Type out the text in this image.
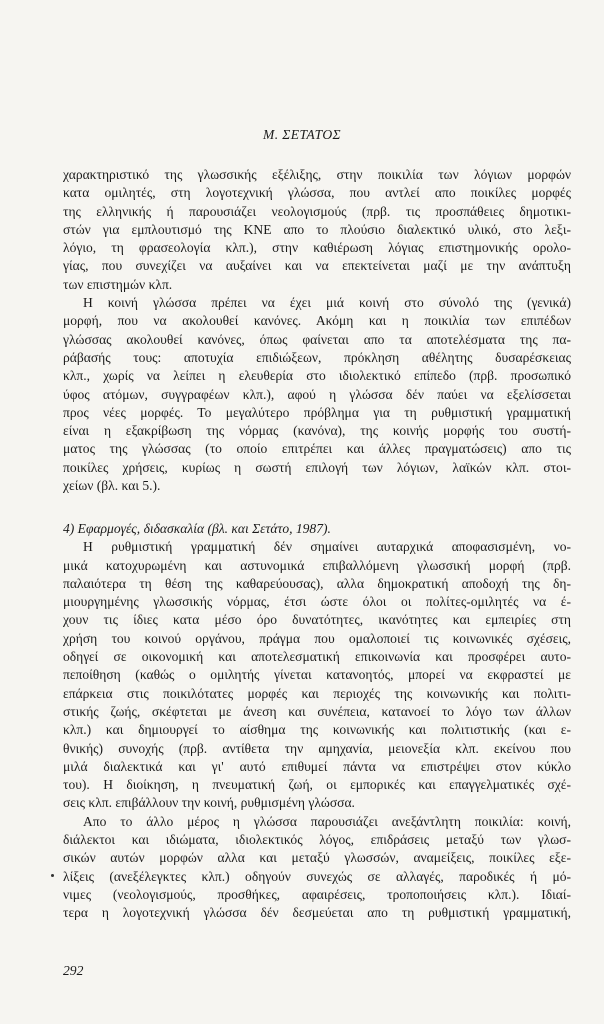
Μ. ΣΕΤΑΤΟΣ
χαρακτηριστικό της γλωσσικής εξέλιξης, στην ποικιλία των λόγιων μορφών
κατα ομιλητές, στη λογοτεχνική γλώσσα, που αντλεί απο ποικίλες μορφές
της ελληνικής ή παρουσιάζει νεολογισμούς (πρβ. τις προσπάθειες δημοτικι-
στών για εμπλουτισμό της ΚΝΕ απο το πλούσιο διαλεκτικό υλικό, στο λεξι-
λόγιο, τη φρασεολογία κλπ.), στην καθιέρωση λόγιας επιστημονικής ορολο-
γίας, που συνεχίζει να αυξαίνει και να επεκτείνεται μαζί με την ανάπτυξη
των επιστημών κλπ.
Η κοινή γλώσσα πρέπει να έχει μιά κοινή στο σύνολό της (γενικά)
μορφή, που να ακολουθεί κανόνες. Ακόμη και η ποικιλία των επιπέδων
γλώσσας ακολουθεί κανόνες, όπως φαίνεται απο τα αποτελέσματα της πα-
ράβασής τους: αποτυχία επιδιώξεων, πρόκληση αθέλητης δυσαρέσκειας
κλπ., χωρίς να λείπει η ελευθερία στο ιδιολεκτικό επίπεδο (πρβ. προσωπικό
ύφος ατόμων, συγγραφέων κλπ.), αφού η γλώσσα δέν παύει να εξελίσσεται
προς νέες μορφές. Το μεγαλύτερο πρόβλημα για τη ρυθμιστική γραμματική
είναι η εξακρίβωση της νόρμας (κανόνα), της κοινής μορφής του συστή-
ματος της γλώσσας (το οποίο επιτρέπει και άλλες πραγματώσεις) απο τις
ποικίλες χρήσεις, κυρίως η σωστή επιλογή των λόγιων, λαϊκών κλπ. στοι-
χείων (βλ. και 5.).
4) Εφαρμογές, διδασκαλία (βλ. και Σετάτο, 1987).
Η ρυθμιστική γραμματική δέν σημαίνει αυταρχικά αποφασισμένη, νο-
μικά κατοχυρωμένη και αστυνομικά επιβαλλόμενη γλωσσική μορφή (πρβ.
παλαιότερα τη θέση της καθαρεύουσας), αλλα δημοκρατική αποδοχή της δη-
μιουργημένης γλωσσικής νόρμας, έτσι ώστε όλοι οι πολίτες-ομιλητές να έ-
χουν τις ίδιες κατα μέσο όρο δυνατότητες, ικανότητες και εμπειρίες στη
χρήση του κοινού οργάνου, πράγμα που ομαλοποιεί τις κοινωνικές σχέσεις,
οδηγεί σε οικονομική και αποτελεσματική επικοινωνία και προσφέρει αυτο-
πεποίθηση (καθώς ο ομιλητής γίνεται κατανοητός, μπορεί να εκφραστεί με
επάρκεια στις ποικιλότατες μορφές και περιοχές της κοινωνικής και πολιτι-
στικής ζωής, σκέφτεται με άνεση και συνέπεια, κατανοεί το λόγο των άλλων
κλπ.) και δημιουργεί το αίσθημα της κοινωνικής και πολιτιστικής (και ε-
θνικής) συνοχής (πρβ. αντίθετα την αμηχανία, μειονεξία κλπ. εκείνου που
μιλά διαλεκτικά και γι' αυτό επιθυμεί πάντα να επιστρέψει στον κύκλο
του). Η διοίκηση, η πνευματική ζωή, οι εμπορικές και επαγγελματικές σχέ-
σεις κλπ. επιβάλλουν την κοινή, ρυθμισμένη γλώσσα.
Απο το άλλο μέρος η γλώσσα παρουσιάζει ανεξάντλητη ποικιλία: κοινή,
διάλεκτοι και ιδιώματα, ιδιολεκτικός λόγος, επιδράσεις μεταξύ των γλωσ-
σικών αυτών μορφών αλλα και μεταξύ γλωσσών, αναμείξεις, ποικίλες εξε-
λίξεις (ανεξέλεγκτες κλπ.) οδηγούν συνεχώς σε αλλαγές, παροδικές ή μό-
νιμες (νεολογισμούς, προσθήκες, αφαιρέσεις, τροποποιήσεις κλπ.). Ιδιαί-
τερα η λογοτεχνική γλώσσα δέν δεσμεύεται απο τη ρυθμιστική γραμματική,
292
